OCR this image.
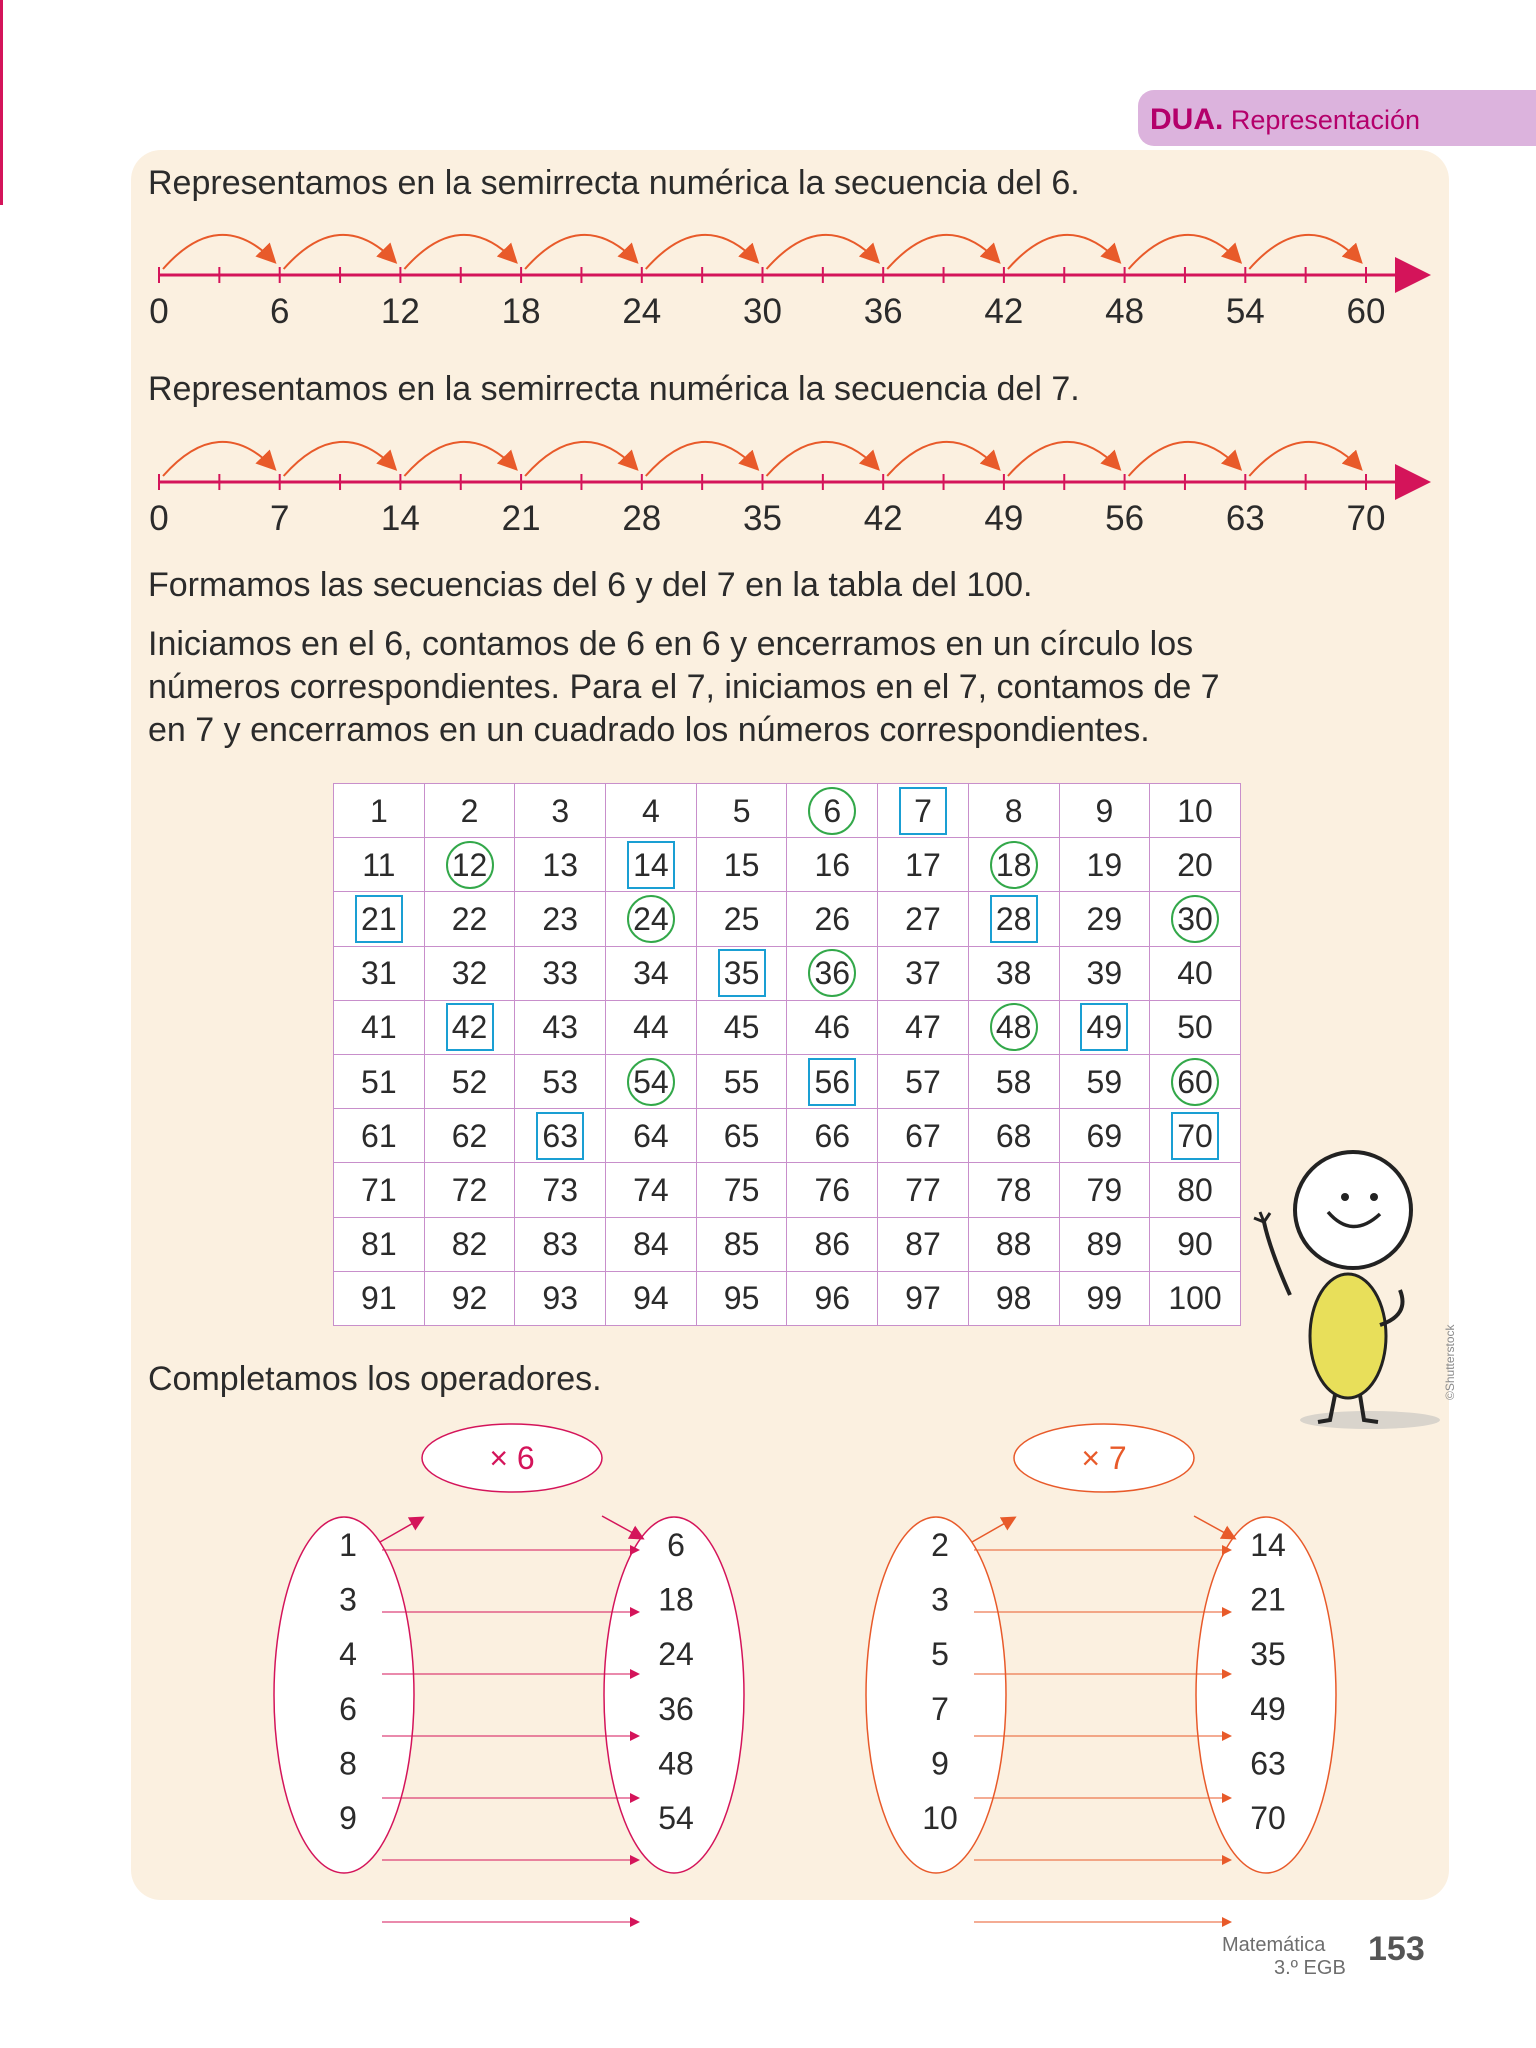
DUA. Representación
Representamos en la semirrecta numérica la secuencia del 6.
0	6	12 18 24 30 36 42 48 54 60
Representamos en la semirrecta numérica la secuencia del 7.
0	7	14 21 28 35 42 49 56 63 70
Formamos las secuencias del 6 y del 7 en la tabla del 100.
Iniciamos en el 6, contamos de 6 en 6 y encerramos en un círculo los
números correspondientes. Para el 7, iniciamos en el 7, contamos de 7
en 7 y encerramos en un cuadrado los números correspondientes.
1	2	3	4	5	6	7	8	9	10
11	12	13	14	15	16	17	18	19	20
21	22	23	24	25	26	27	28	29	30
31	32	33	34	35	36	37	38	39	40
41	42	43	44	45	46	47	48	49	50
51	52	53	54	55	56	57	58	59	60
61	62	63	64	65	66	67	68	69	70
71	72	73	74	75	76	77	78	79	80
81	82	83	84	85	86	87	88	89	90
91	92	93	94	95	96	97	98	99	100
©Shutterstock
Completamos los operadores.
× 6
1
3
4
6
8
9
6
18
24
36
48
54
× 7
2
3
5
7
9
10
14
21
35
49
63
70
Matemática
3.º EGB 153
